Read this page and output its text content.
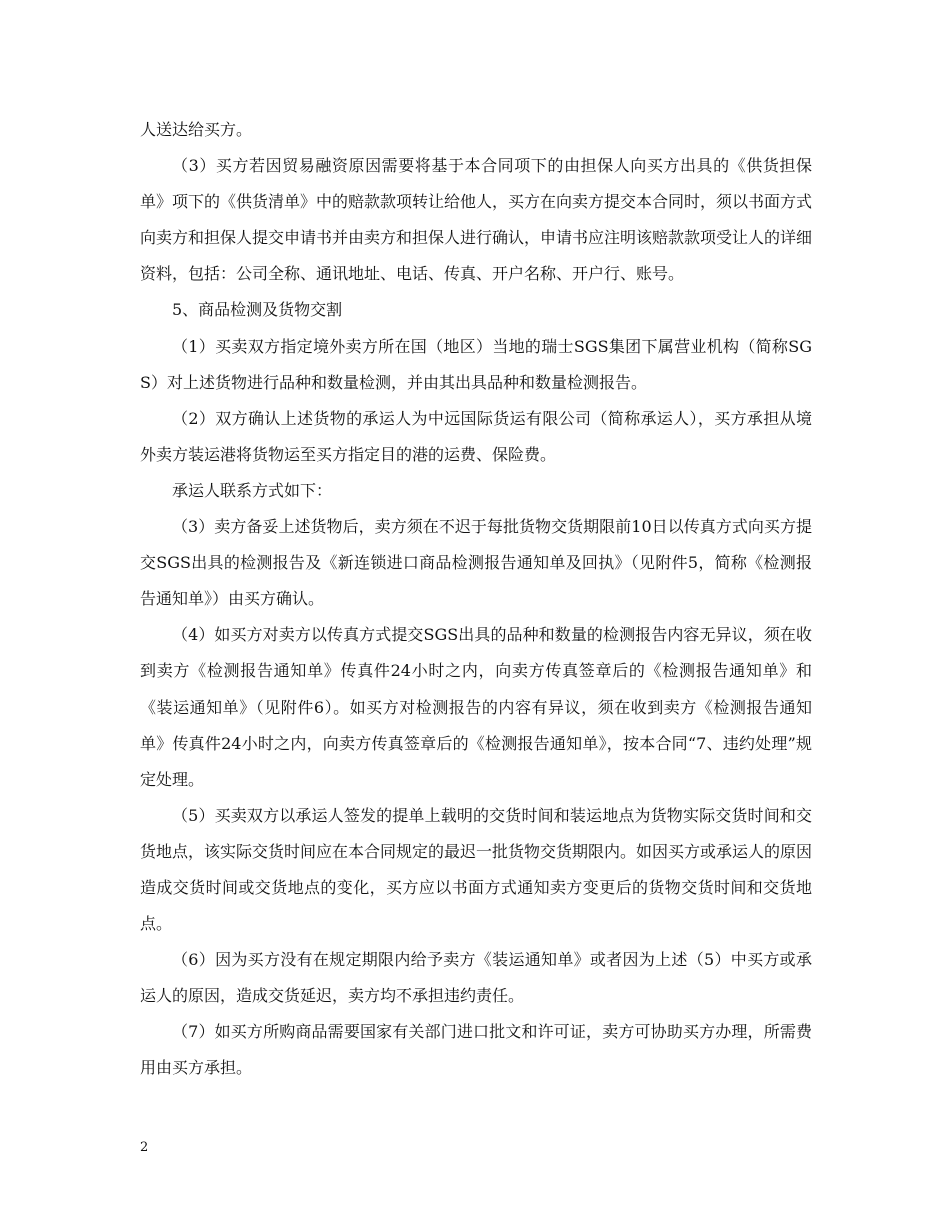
人送达给买方。

（3）买方若因贸易融资原因需要将基于本合同项下的由担保人向买方出具的《供货担保单》项下的《供货清单》中的赔款款项转让给他人，买方在向卖方提交本合同时，须以书面方式向卖方和担保人提交申请书并由卖方和担保人进行确认，申请书应注明该赔款款项受让人的详细资料，包括：公司全称、通讯地址、电话、传真、开户名称、开户行、账号。

5、商品检测及货物交割

（1）买卖双方指定境外卖方所在国（地区）当地的瑞士SGS集团下属营业机构（简称SGS）对上述货物进行品种和数量检测，并由其出具品种和数量检测报告。

（2）双方确认上述货物的承运人为中远国际货运有限公司（简称承运人），买方承担从境外卖方装运港将货物运至买方指定目的港的运费、保险费。

承运人联系方式如下：

（3）卖方备妥上述货物后，卖方须在不迟于每批货物交货期限前10日以传真方式向买方提交SGS出具的检测报告及《新连锁进口商品检测报告通知单及回执》（见附件5，简称《检测报告通知单》）由买方确认。

（4）如买方对卖方以传真方式提交SGS出具的品种和数量的检测报告内容无异议，须在收到卖方《检测报告通知单》传真件24小时之内，向卖方传真签章后的《检测报告通知单》和《装运通知单》（见附件6）。如买方对检测报告的内容有异议，须在收到卖方《检测报告通知单》传真件24小时之内，向卖方传真签章后的《检测报告通知单》，按本合同“7、违约处理”规定处理。

（5）买卖双方以承运人签发的提单上载明的交货时间和装运地点为货物实际交货时间和交货地点，该实际交货时间应在本合同规定的最迟一批货物交货期限内。如因买方或承运人的原因造成交货时间或交货地点的变化，买方应以书面方式通知卖方变更后的货物交货时间和交货地点。

（6）因为买方没有在规定期限内给予卖方《装运通知单》或者因为上述（5）中买方或承运人的原因，造成交货延迟，卖方均不承担违约责任。

（7）如买方所购商品需要国家有关部门进口批文和许可证，卖方可协助买方办理，所需费用由买方承担。

2
